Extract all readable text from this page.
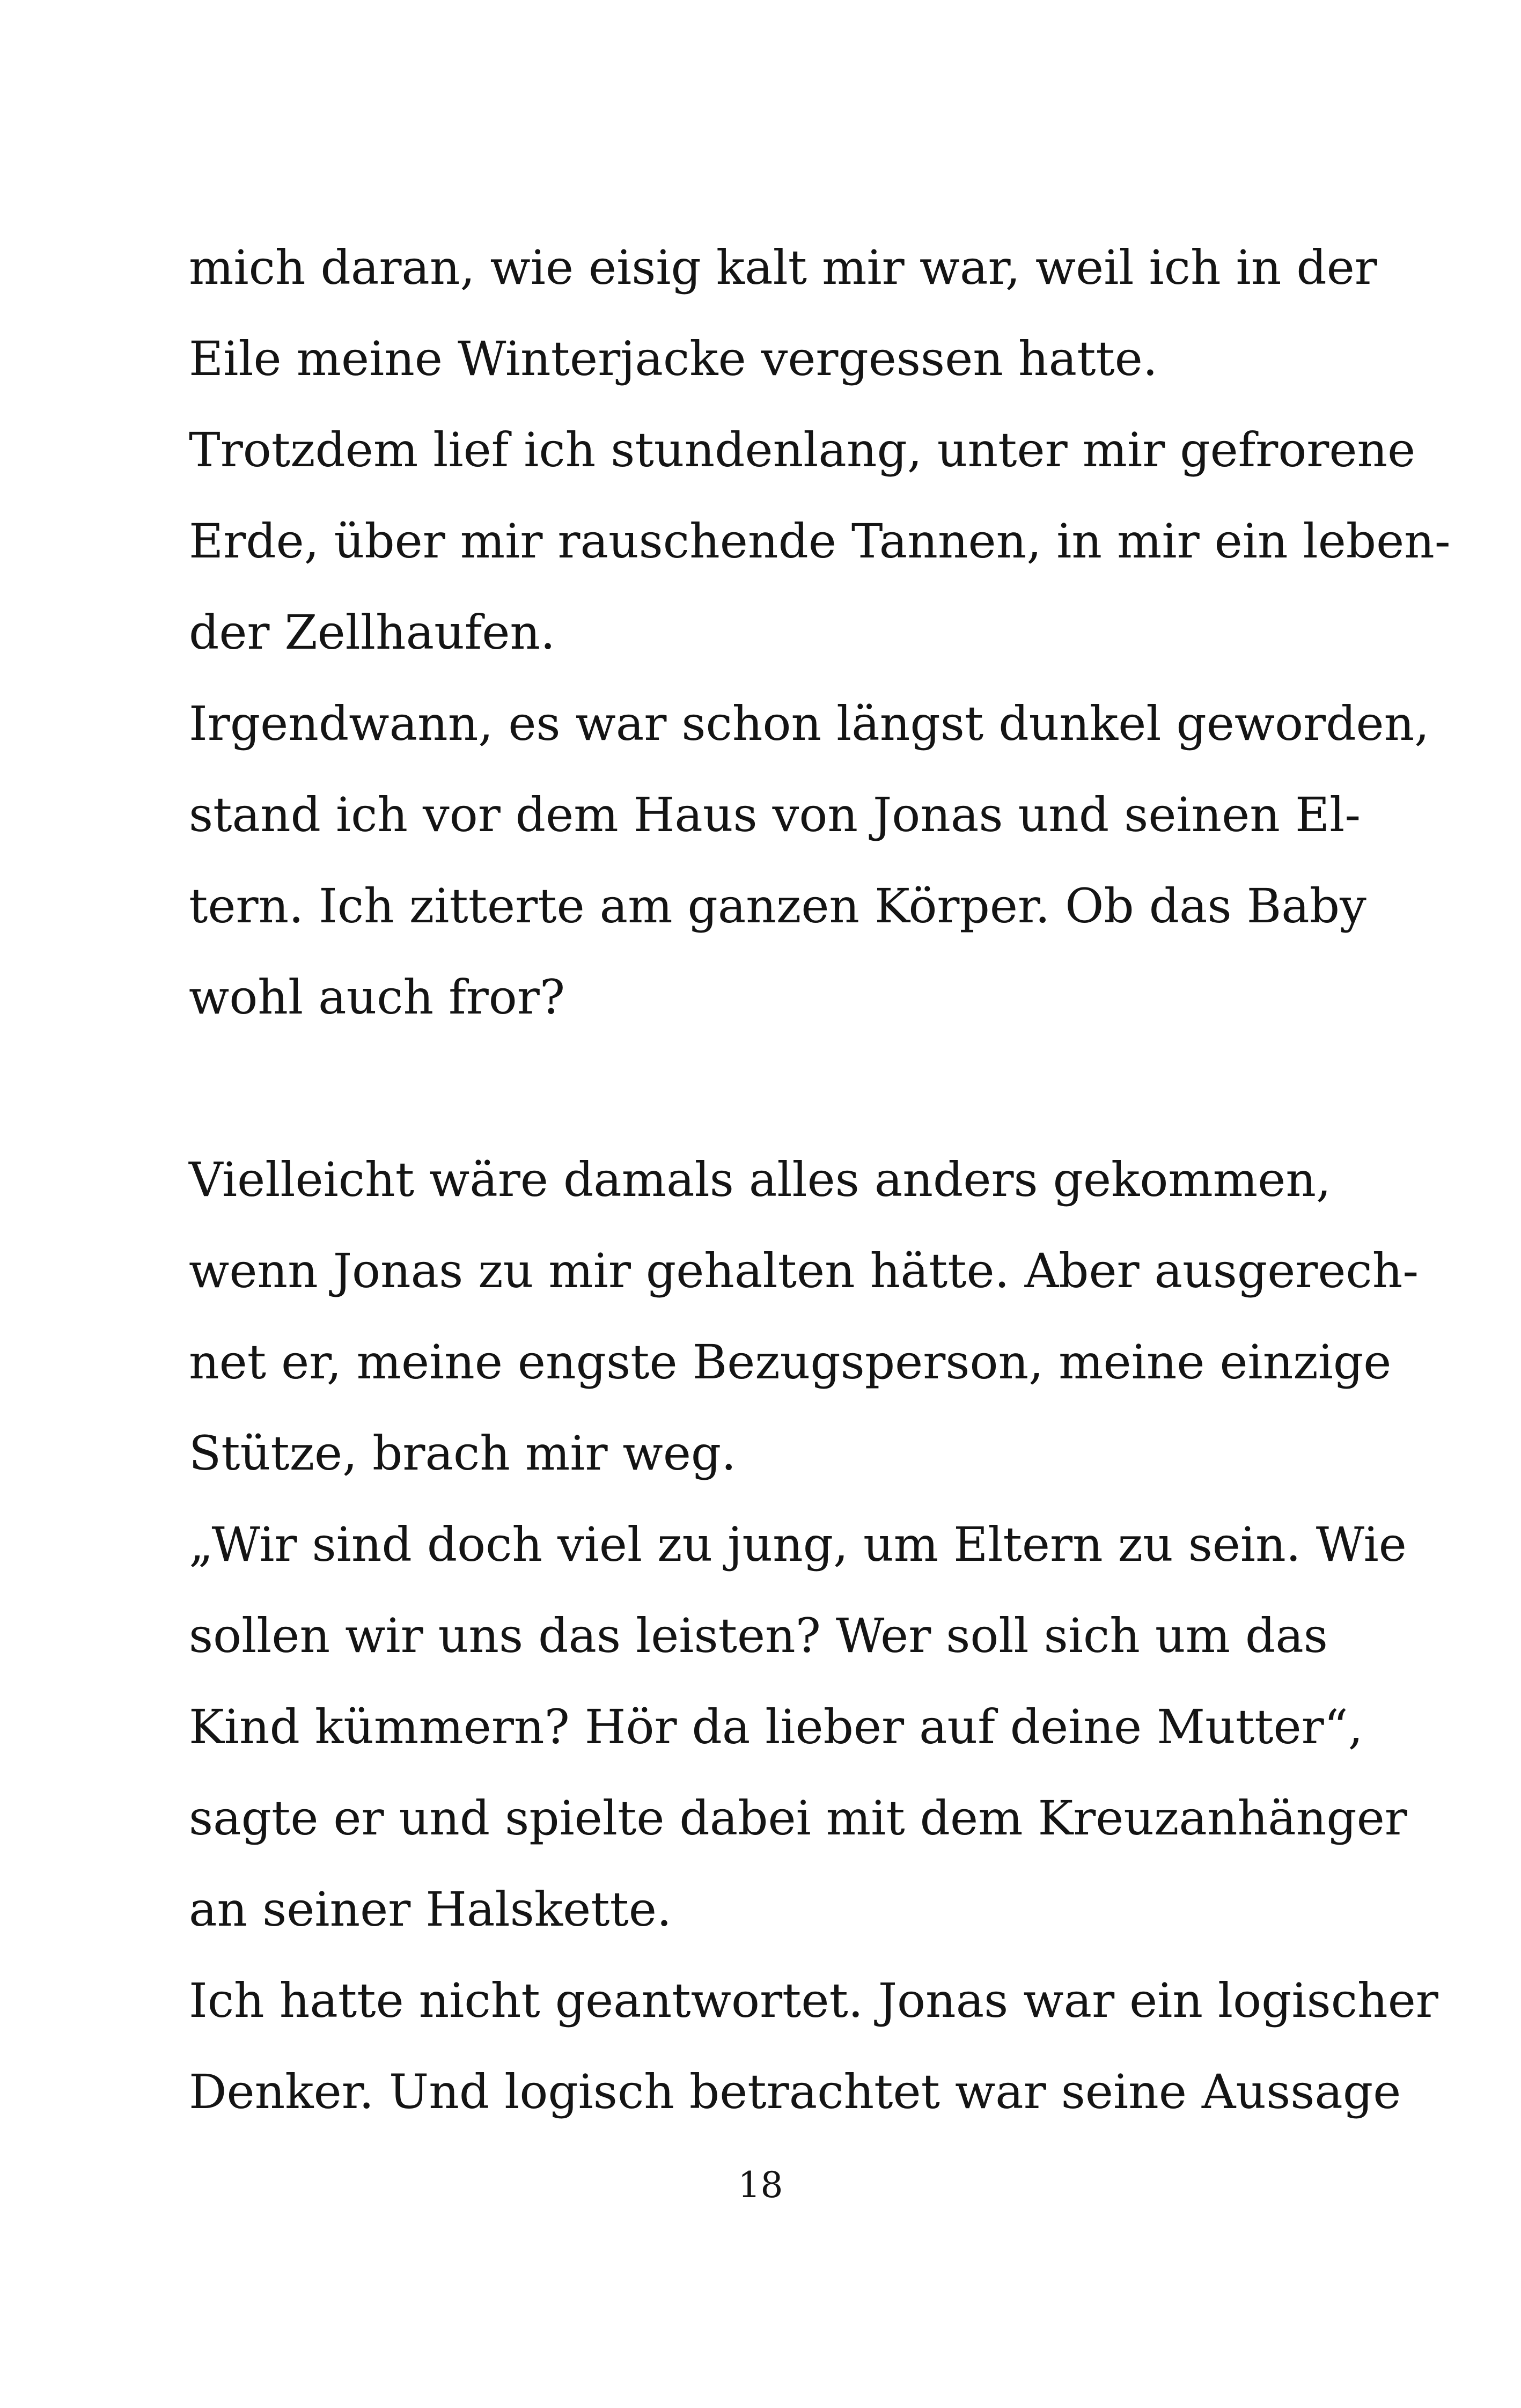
mich daran, wie eisig kalt mir war, weil ich in der
Eile meine Winterjacke vergessen hatte.
Trotzdem lief ich stundenlang, unter mir gefrorene
Erde, über mir rauschende Tannen, in mir ein leben-
der Zellhaufen.
Irgendwann, es war schon längst dunkel geworden,
stand ich vor dem Haus von Jonas und seinen El-
tern. Ich zitterte am ganzen Körper. Ob das Baby
wohl auch fror?
Vielleicht wäre damals alles anders gekommen,
wenn Jonas zu mir gehalten hätte. Aber ausgerech-
net er, meine engste Bezugsperson, meine einzige
Stütze, brach mir weg.
„Wir sind doch viel zu jung, um Eltern zu sein. Wie
sollen wir uns das leisten? Wer soll sich um das
Kind kümmern? Hör da lieber auf deine Mutter“,
sagte er und spielte dabei mit dem Kreuzanhänger
an seiner Halskette.
Ich hatte nicht geantwortet. Jonas war ein logischer
Denker. Und logisch betrachtet war seine Aussage
18
